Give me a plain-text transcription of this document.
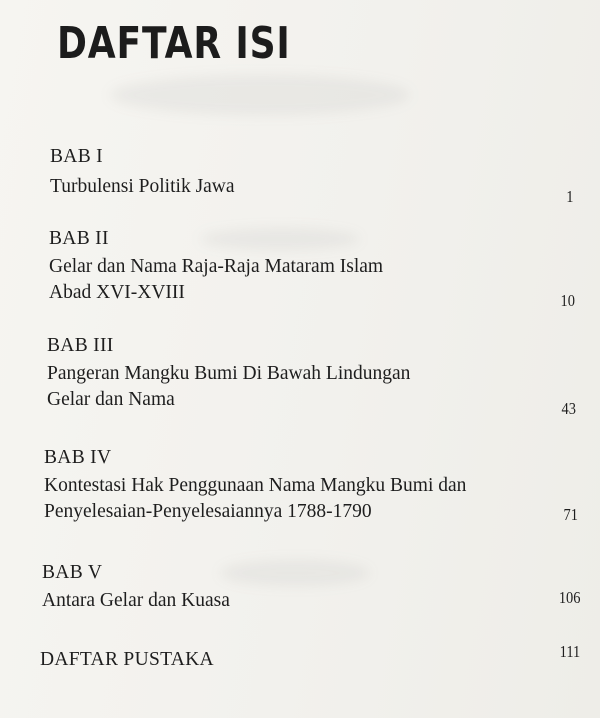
DAFTAR ISI
BAB I
Turbulensi Politik Jawa	1
BAB II
Gelar dan Nama Raja-Raja Mataram Islam
Abad XVI-XVIII	10
BAB III
Pangeran Mangku Bumi Di Bawah Lindungan
Gelar dan Nama	43
BAB IV
Kontestasi Hak Penggunaan Nama Mangku Bumi dan
Penyelesaian-Penyelesaiannya 1788-1790	71
BAB V
Antara Gelar dan Kuasa	106
DAFTAR PUSTAKA	111
